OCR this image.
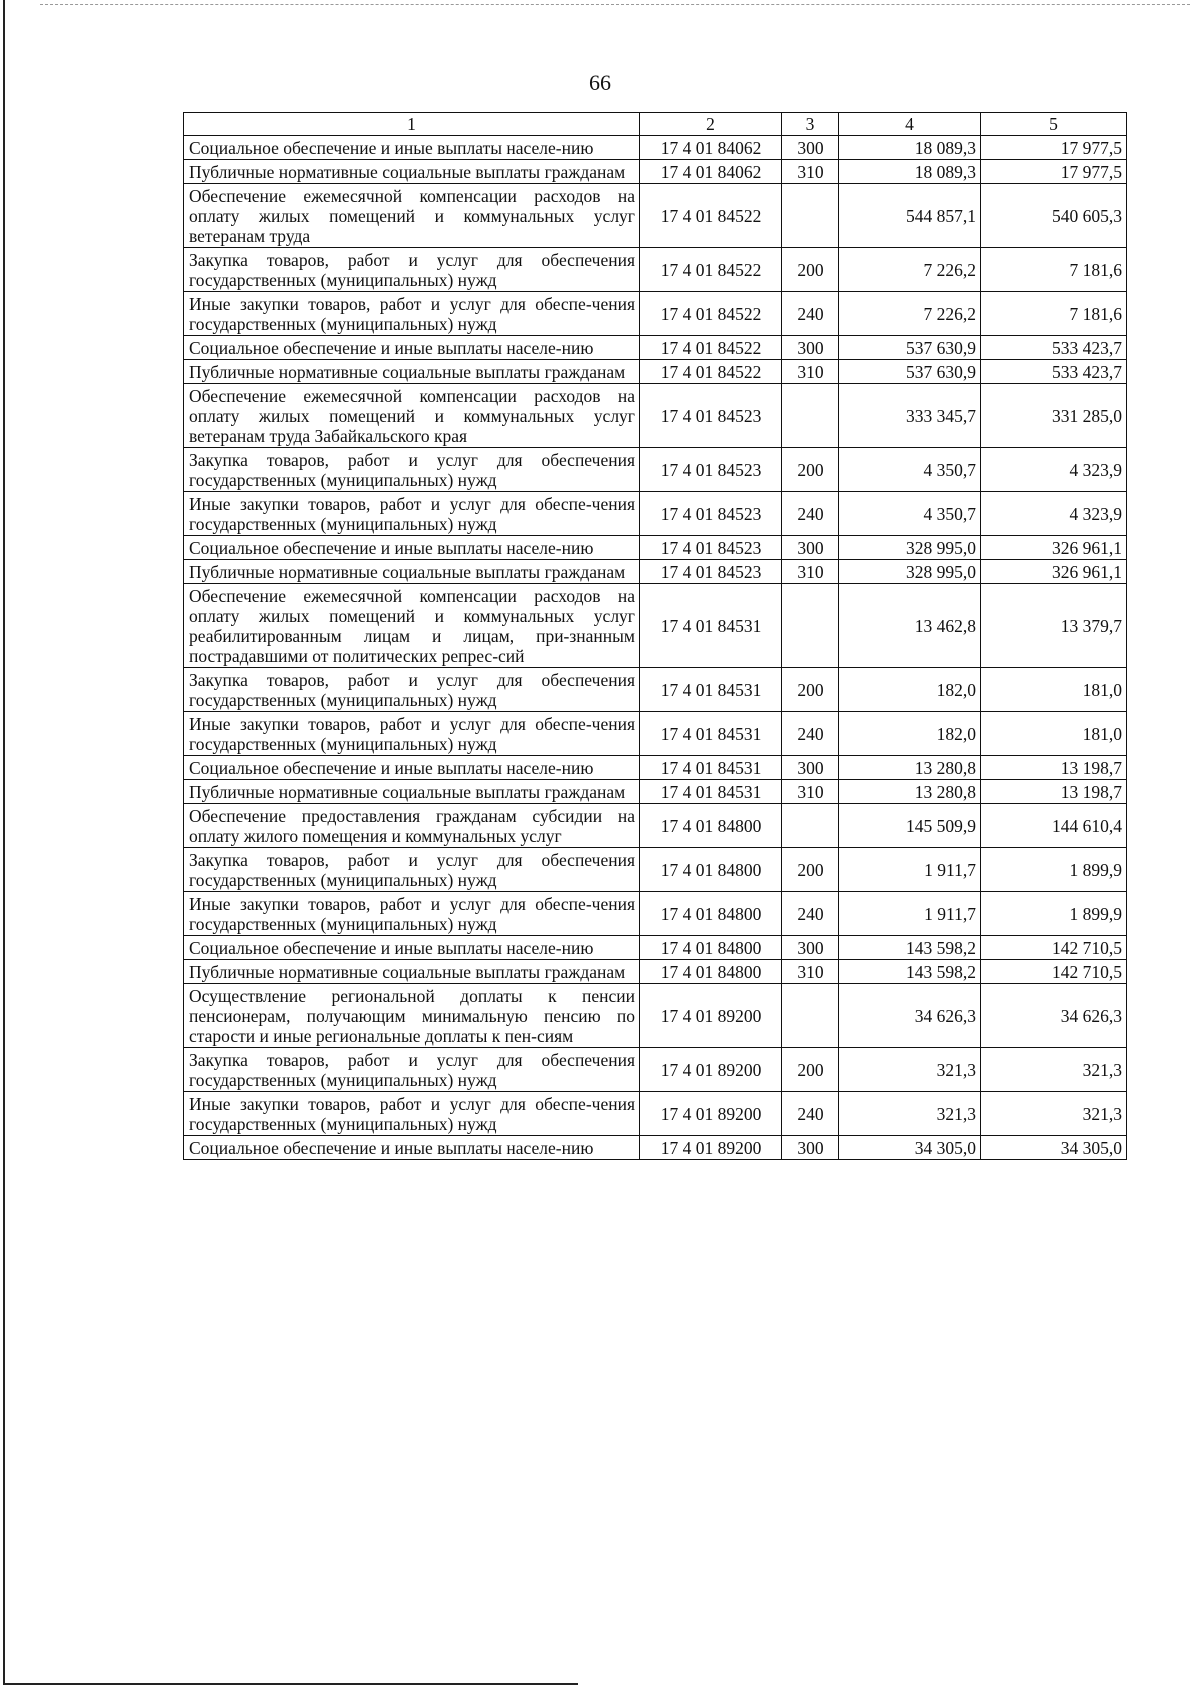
66
1	2	3	4	5
Социальное обеспечение и иные выплаты населе-нию	17 4 01 84062	300	18 089,3	17 977,5
Публичные нормативные социальные выплаты гражданам	17 4 01 84062	310	18 089,3	17 977,5
Обеспечение ежемесячной компенсации расходов на оплату жилых помещений и коммунальных услуг ветеранам труда	17 4 01 84522		544 857,1	540 605,3
Закупка товаров, работ и услуг для обеспечения государственных (муниципальных) нужд	17 4 01 84522	200	7 226,2	7 181,6
Иные закупки товаров, работ и услуг для обеспе-чения государственных (муниципальных) нужд	17 4 01 84522	240	7 226,2	7 181,6
Социальное обеспечение и иные выплаты населе-нию	17 4 01 84522	300	537 630,9	533 423,7
Публичные нормативные социальные выплаты гражданам	17 4 01 84522	310	537 630,9	533 423,7
Обеспечение ежемесячной компенсации расходов на оплату жилых помещений и коммунальных услуг ветеранам труда Забайкальского края	17 4 01 84523		333 345,7	331 285,0
Закупка товаров, работ и услуг для обеспечения государственных (муниципальных) нужд	17 4 01 84523	200	4 350,7	4 323,9
Иные закупки товаров, работ и услуг для обеспе-чения государственных (муниципальных) нужд	17 4 01 84523	240	4 350,7	4 323,9
Социальное обеспечение и иные выплаты населе-нию	17 4 01 84523	300	328 995,0	326 961,1
Публичные нормативные социальные выплаты гражданам	17 4 01 84523	310	328 995,0	326 961,1
Обеспечение ежемесячной компенсации расходов на оплату жилых помещений и коммунальных услуг реабилитированным лицам и лицам, при-знанным пострадавшими от политических репрес-сий	17 4 01 84531		13 462,8	13 379,7
Закупка товаров, работ и услуг для обеспечения государственных (муниципальных) нужд	17 4 01 84531	200	182,0	181,0
Иные закупки товаров, работ и услуг для обеспе-чения государственных (муниципальных) нужд	17 4 01 84531	240	182,0	181,0
Социальное обеспечение и иные выплаты населе-нию	17 4 01 84531	300	13 280,8	13 198,7
Публичные нормативные социальные выплаты гражданам	17 4 01 84531	310	13 280,8	13 198,7
Обеспечение предоставления гражданам субсидии на оплату жилого помещения и коммунальных услуг	17 4 01 84800		145 509,9	144 610,4
Закупка товаров, работ и услуг для обеспечения государственных (муниципальных) нужд	17 4 01 84800	200	1 911,7	1 899,9
Иные закупки товаров, работ и услуг для обеспе-чения государственных (муниципальных) нужд	17 4 01 84800	240	1 911,7	1 899,9
Социальное обеспечение и иные выплаты населе-нию	17 4 01 84800	300	143 598,2	142 710,5
Публичные нормативные социальные выплаты гражданам	17 4 01 84800	310	143 598,2	142 710,5
Осуществление региональной доплаты к пенсии пенсионерам, получающим минимальную пенсию по старости и иные региональные доплаты к пен-сиям	17 4 01 89200		34 626,3	34 626,3
Закупка товаров, работ и услуг для обеспечения государственных (муниципальных) нужд	17 4 01 89200	200	321,3	321,3
Иные закупки товаров, работ и услуг для обеспе-чения государственных (муниципальных) нужд	17 4 01 89200	240	321,3	321,3
Социальное обеспечение и иные выплаты населе-нию	17 4 01 89200	300	34 305,0	34 305,0
